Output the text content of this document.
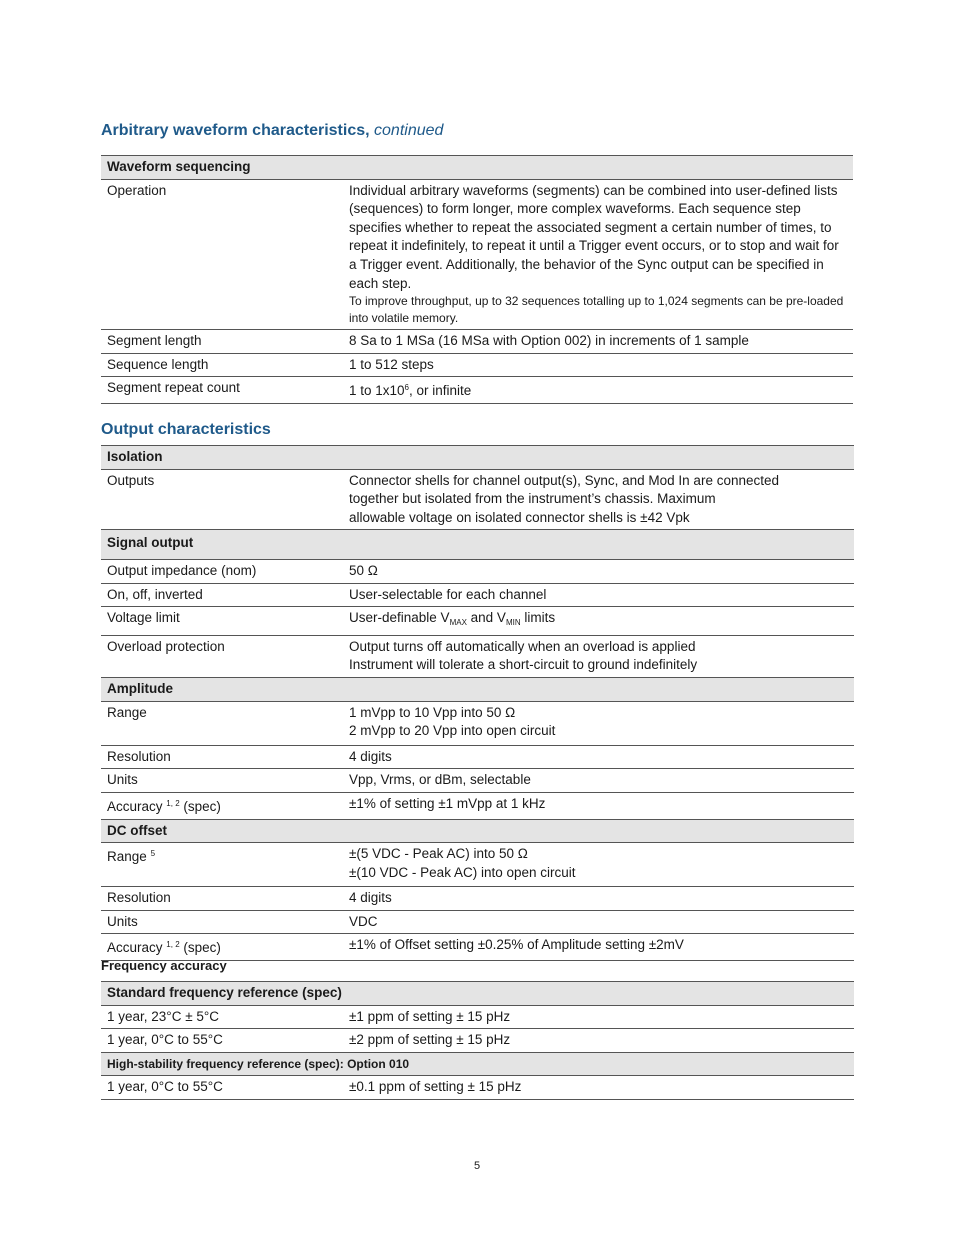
Arbitrary waveform characteristics, continued
Waveform sequencing	
Operation	Individual arbitrary waveforms (segments) can be combined into user-defined lists (sequences) to form longer, more complex waveforms. Each sequence step specifies whether to repeat the associated segment a certain number of times, to repeat it indefinitely, to repeat it until a Trigger event occurs, or to stop and wait for a Trigger event. Additionally, the behavior of the Sync output can be specified in each step.
To improve throughput, up to 32 sequences totalling up to 1,024 segments can be pre-loaded into volatile memory.

Segment length	8 Sa to 1 MSa (16 MSa with Option 002) in increments of 1 sample
Sequence length	1 to 512 steps
Segment repeat count	1 to $1x10^6$, or infinite
Output characteristics
Isolation	
Outputs	Connector shells for channel output(s), Sync, and Mod In are connected
together but isolated from the instrument’s chassis. Maximum
allowable voltage on isolated connector shells is ±42 Vpk

Signal output	
Output impedance (nom)	50 Ω
On, off, inverted	User-selectable for each channel
Voltage limit	User-definable $V_{MAX}$ and $V_{MIN}$ limits
Overload protection	Output turns off automatically when an overload is applied
Instrument will tolerate a short-circuit to ground indefinitely

Amplitude	
Range	1 mVpp to 10 Vpp into 50 Ω
2 mVpp to 20 Vpp into open circuit

Resolution	4 digits
Units	Vpp, Vrms, or dBm, selectable
Accuracy $^{1, 2}$ (spec)	±1% of setting ±1 mVpp at 1 kHz
DC offset	
Range $^5$	±(5 VDC - Peak AC) into 50 Ω
±(10 VDC - Peak AC) into open circuit

Resolution	4 digits
Units	VDC
Accuracy $^{1, 2}$ (spec)	±1% of Offset setting ±0.25% of Amplitude setting ±2mV
Frequency accuracy
Standard frequency reference (spec)	
1 year, 23°C ± 5°C	±1 ppm of setting ± 15 pHz
1 year, 0°C to 55°C	±2 ppm of setting ± 15 pHz
High-stability frequency reference (spec): Option 010	
1 year, 0°C to 55°C	±0.1 ppm of setting ± 15 pHz
5
